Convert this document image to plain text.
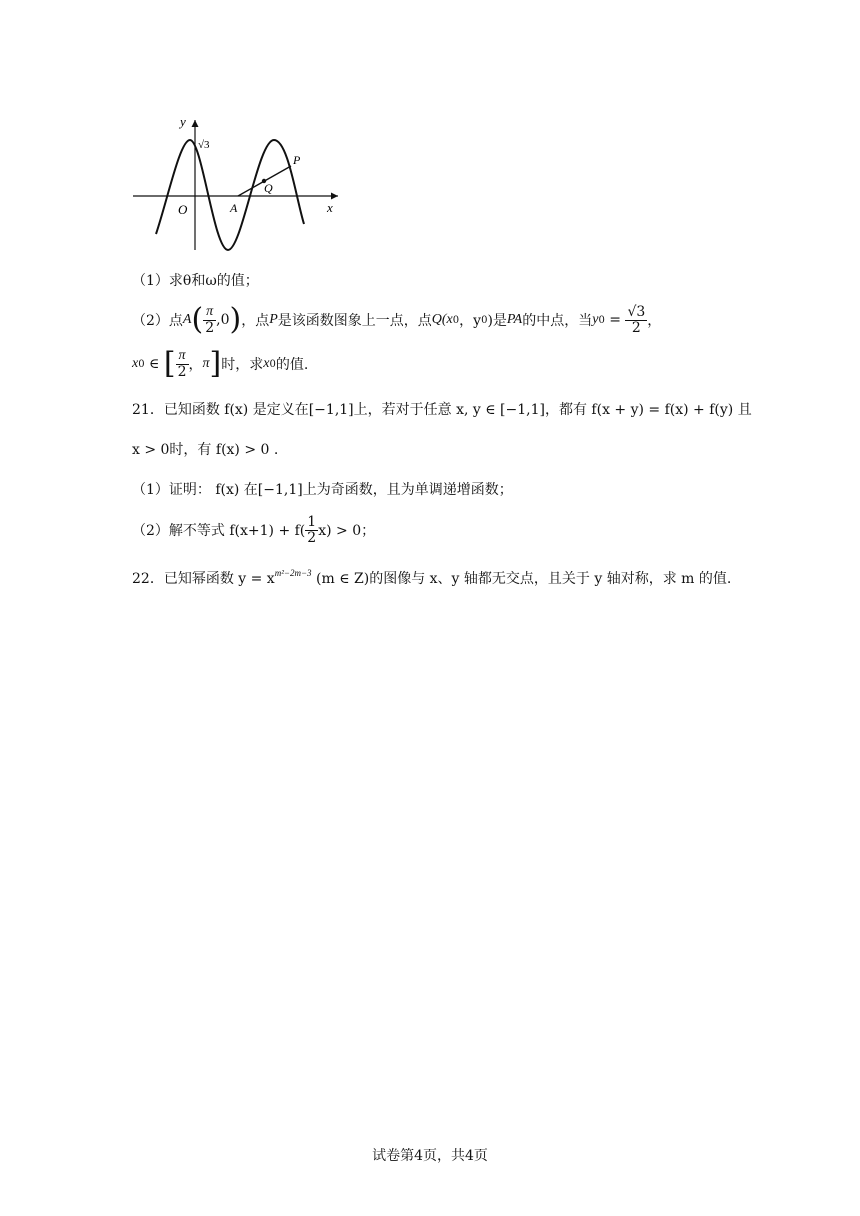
y
√3
O	A
Q
P
x
（1）求θ和ω的值；
（2）点 A ( $\frac{\pi}{2} ,0$ ) ，点 P 是该函数图象上一点，点 Q(x 0 ，y 0 )是 PA 的中点，当 y $0 = \frac{√3}{2}$ ，
x 0 ∈ [ $\frac{\pi}{2}$ ， π ] 时，求 x 0 的值.
21．已知函数 f(x) 是定义在[−1,1]上，若对于任意 x, y ∈ [−1,1]，都有 f(x + y) = f(x) + f(y) 且
x > 0时，有 f(x) > 0 .
（1）证明： f(x) 在[−1,1]上为奇函数，且为单调递增函数；
（2）解不等式 $f(x+1) + f( \frac{1}{2} x) > 0$；
22．已知幂函数 $y = x^{m^2-2m-3}$ (m ∈ Z)的图像与 x、y 轴都无交点，且关于 y 轴对称，求 m 的值.
试卷第4页，共4页
